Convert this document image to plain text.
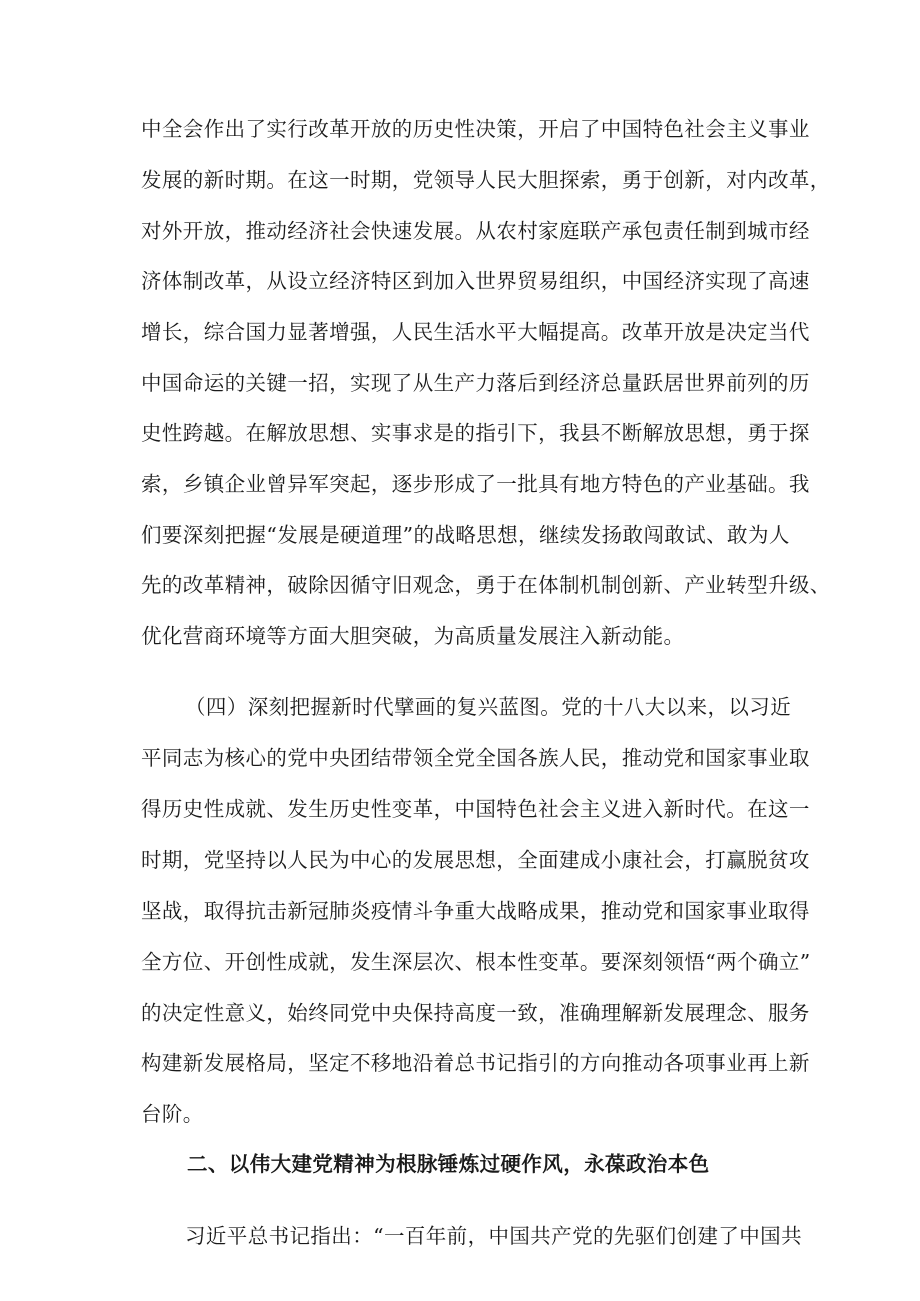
中全会作出了实行改革开放的历史性决策，开启了中国特色社会主义事业
发展的新时期。在这一时期，党领导人民大胆探索，勇于创新，对内改革，
对外开放，推动经济社会快速发展。从农村家庭联产承包责任制到城市经
济体制改革，从设立经济特区到加入世界贸易组织，中国经济实现了高速
增长，综合国力显著增强，人民生活水平大幅提高。改革开放是决定当代
中国命运的关键一招，实现了从生产力落后到经济总量跃居世界前列的历
史性跨越。在解放思想、实事求是的指引下，我县不断解放思想，勇于探
索，乡镇企业曾异军突起，逐步形成了一批具有地方特色的产业基础。我
们要深刻把握“发展是硬道理”的战略思想，继续发扬敢闯敢试、敢为人
先的改革精神，破除因循守旧观念，勇于在体制机制创新、产业转型升级、
优化营商环境等方面大胆突破，为高质量发展注入新动能。
（四）深刻把握新时代擘画的复兴蓝图。党的十八大以来，以习近
平同志为核心的党中央团结带领全党全国各族人民，推动党和国家事业取
得历史性成就、发生历史性变革，中国特色社会主义进入新时代。在这一
时期，党坚持以人民为中心的发展思想，全面建成小康社会，打赢脱贫攻
坚战，取得抗击新冠肺炎疫情斗争重大战略成果，推动党和国家事业取得
全方位、开创性成就，发生深层次、根本性变革。要深刻领悟“两个确立”
的决定性意义，始终同党中央保持高度一致，准确理解新发展理念、服务
构建新发展格局，坚定不移地沿着总书记指引的方向推动各项事业再上新
台阶。
二、以伟大建党精神为根脉锤炼过硬作风，永葆政治本色
习近平总书记指出：“一百年前，中国共产党的先驱们创建了中国共
